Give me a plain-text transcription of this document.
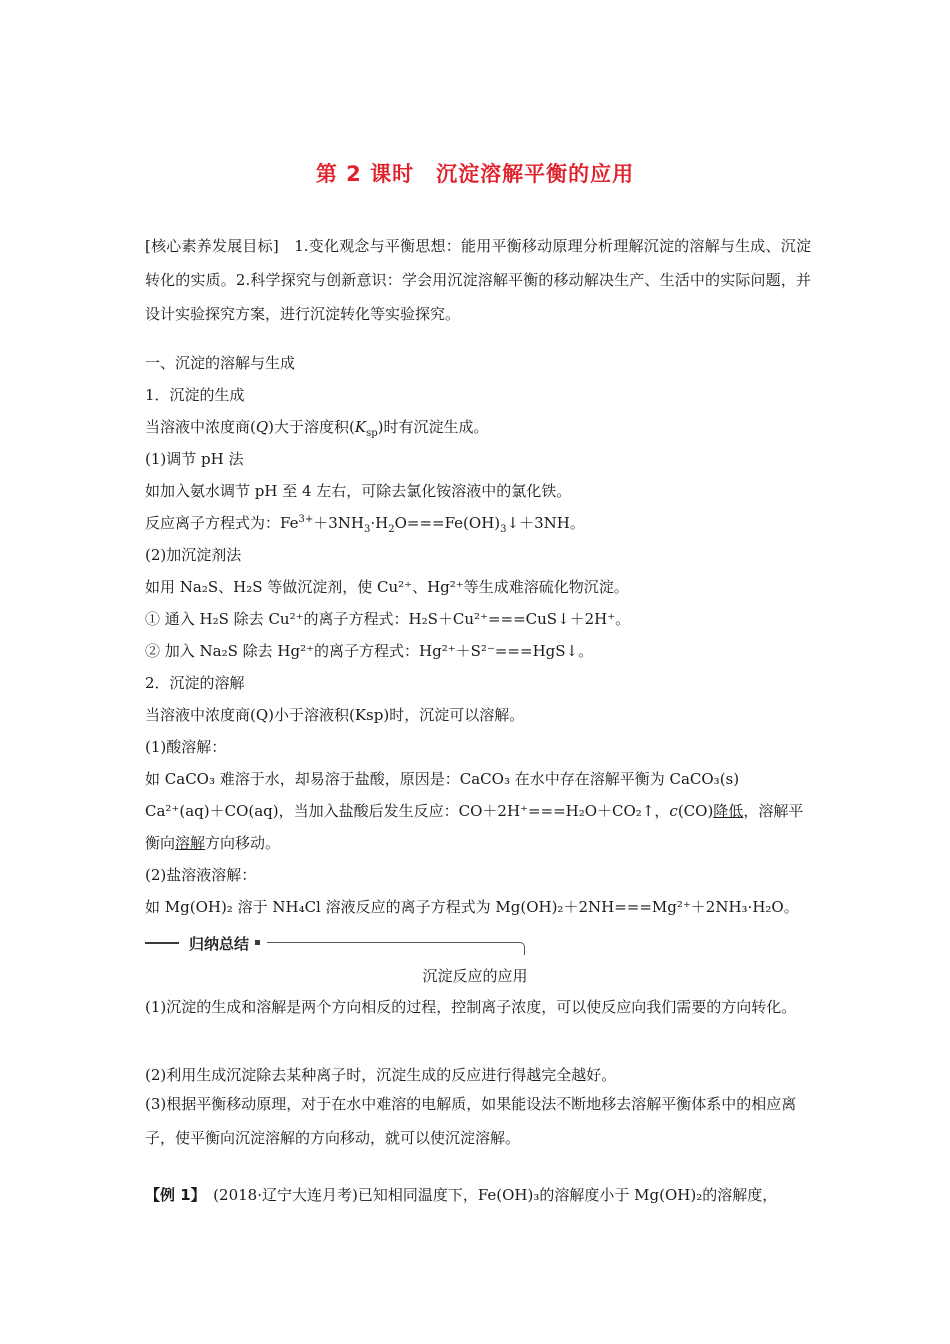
第 2 课时　沉淀溶解平衡的应用
[核心素养发展目标]　1.变化观念与平衡思想：能用平衡移动原理分析理解沉淀的溶解与生成、沉淀转化的实质。2.科学探究与创新意识：学会用沉淀溶解平衡的移动解决生产、生活中的实际问题，并设计实验探究方案，进行沉淀转化等实验探究。
一、沉淀的溶解与生成
1．沉淀的生成
当溶液中浓度商(Q)大于溶度积$(K_{sp})$时有沉淀生成。
(1)调节 pH 法
如加入氨水调节 pH 至 4 左右，可除去氯化铵溶液中的氯化铁。
反应离子方程式为：$Fe^{3+}+3NH_3\cdot H_2O===Fe(OH)_3↓+3NH$。
(2)加沉淀剂法
如用 Na₂S、H₂S 等做沉淀剂，使 Cu²⁺、Hg²⁺等生成难溶硫化物沉淀。
① 通入 H₂S 除去 Cu²⁺的离子方程式：H₂S＋Cu²⁺===CuS↓＋2H⁺。
② 加入 Na₂S 除去 Hg²⁺的离子方程式：Hg²⁺＋S²⁻===HgS↓。
2．沉淀的溶解
当溶液中浓度商(Q)小于溶液积(Ksp)时，沉淀可以溶解。
(1)酸溶解：
如 CaCO₃ 难溶于水，却易溶于盐酸，原因是：CaCO₃ 在水中存在溶解平衡为 CaCO₃(s)
Ca²⁺(aq)＋CO(aq)，当加入盐酸后发生反应：CO＋2H⁺===H₂O＋CO₂↑，c(CO)降低，溶解平
衡向溶解方向移动。
(2)盐溶液溶解：
如 Mg(OH)₂ 溶于 NH₄Cl 溶液反应的离子方程式为 Mg(OH)₂＋2NH===Mg²⁺＋2NH₃·H₂O。
归纳总结
沉淀反应的应用
(1)沉淀的生成和溶解是两个方向相反的过程，控制离子浓度，可以使反应向我们需要的方向转化。
(2)利用生成沉淀除去某种离子时，沉淀生成的反应进行得越完全越好。
(3)根据平衡移动原理，对于在水中难溶的电解质，如果能设法不断地移去溶解平衡体系中的相应离子，使平衡向沉淀溶解的方向移动，就可以使沉淀溶解。
【例 1】　(2018·辽宁大连月考)已知相同温度下，Fe(OH)₃的溶解度小于 Mg(OH)₂的溶解度，
